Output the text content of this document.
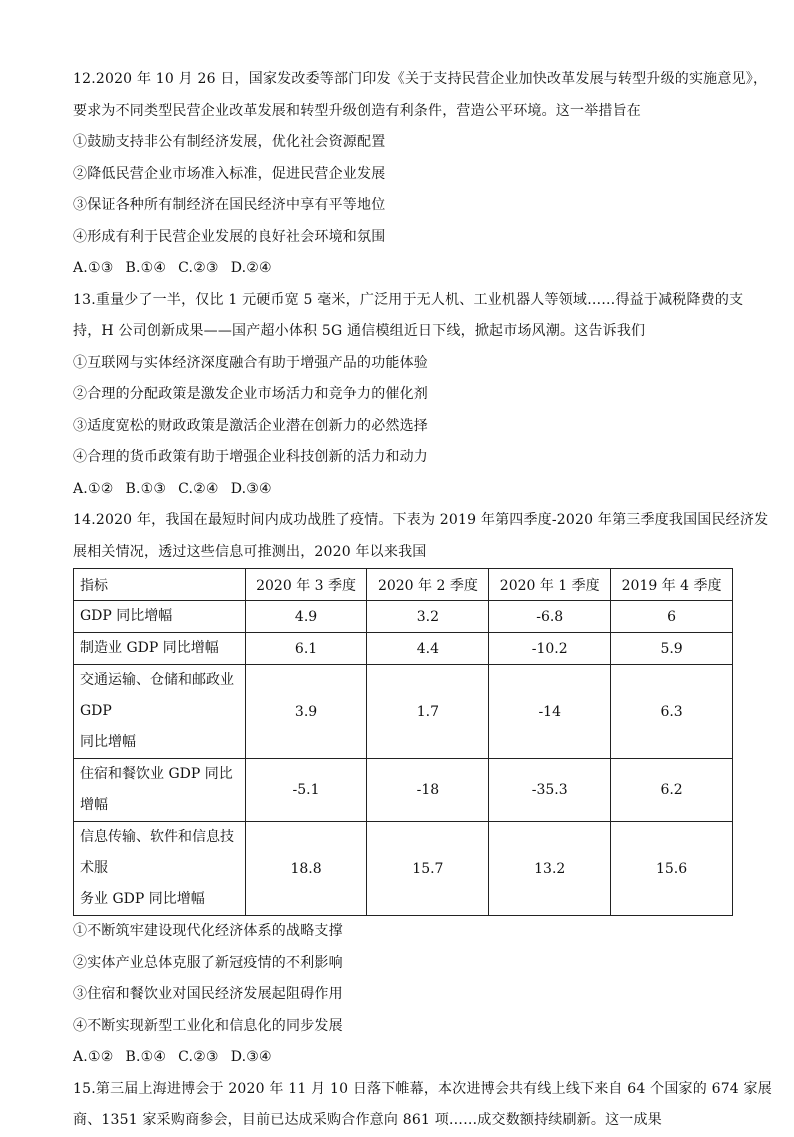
12.2020 年 10 月 26 日，国家发改委等部门印发《关于支持民营企业加快改革发展与转型升级的实施意见》，
要求为不同类型民营企业改革发展和转型升级创造有利条件，营造公平环境。这一举措旨在
①鼓励支持非公有制经济发展，优化社会资源配置
②降低民营企业市场准入标准，促进民营企业发展
③保证各种所有制经济在国民经济中享有平等地位
④形成有利于民营企业发展的良好社会环境和氛围
A.①③ B.①④ C.②③ D.②④
13.重量少了一半，仅比 1 元硬币宽 5 毫米，广泛用于无人机、工业机器人等领域……得益于减税降费的支
持，H 公司创新成果——国产超小体积 5G 通信模组近日下线，掀起市场风潮。这告诉我们
①互联网与实体经济深度融合有助于增强产品的功能体验
②合理的分配政策是激发企业市场活力和竞争力的催化剂
③适度宽松的财政政策是激活企业潜在创新力的必然选择
④合理的货币政策有助于增强企业科技创新的活力和动力
A.①② B.①③ C.②④ D.③④
14.2020 年，我国在最短时间内成功战胜了疫情。下表为 2019 年第四季度-2020 年第三季度我国国民经济发
展相关情况，透过这些信息可推测出，2020 年以来我国
指标	2020 年 3 季度	2020 年 2 季度	2020 年 1 季度	2019 年 4 季度
GDP 同比增幅	4.9	3.2	-6.8	6
制造业 GDP 同比增幅	6.1	4.4	-10.2	5.9

交通运输、仓储和邮政业 GDP
同比增幅	3.9	1.7	-14	6.3
住宿和餐饮业 GDP 同比增幅	-5.1	-18	-35.3	6.2

信息传输、软件和信息技术服
务业 GDP 同比增幅	18.8	15.7	13.2	15.6
①不断筑牢建设现代化经济体系的战略支撑
②实体产业总体克服了新冠疫情的不利影响
③住宿和餐饮业对国民经济发展起阻碍作用
④不断实现新型工业化和信息化的同步发展
A.①② B.①④ C.②③ D.③④
15.第三届上海进博会于 2020 年 11 月 10 日落下帷幕，本次进博会共有线上线下来自 64 个国家的 674 家展
商、1351 家采购商参会，目前已达成采购合作意向 861 项……成交数额持续刷新。这一成果
